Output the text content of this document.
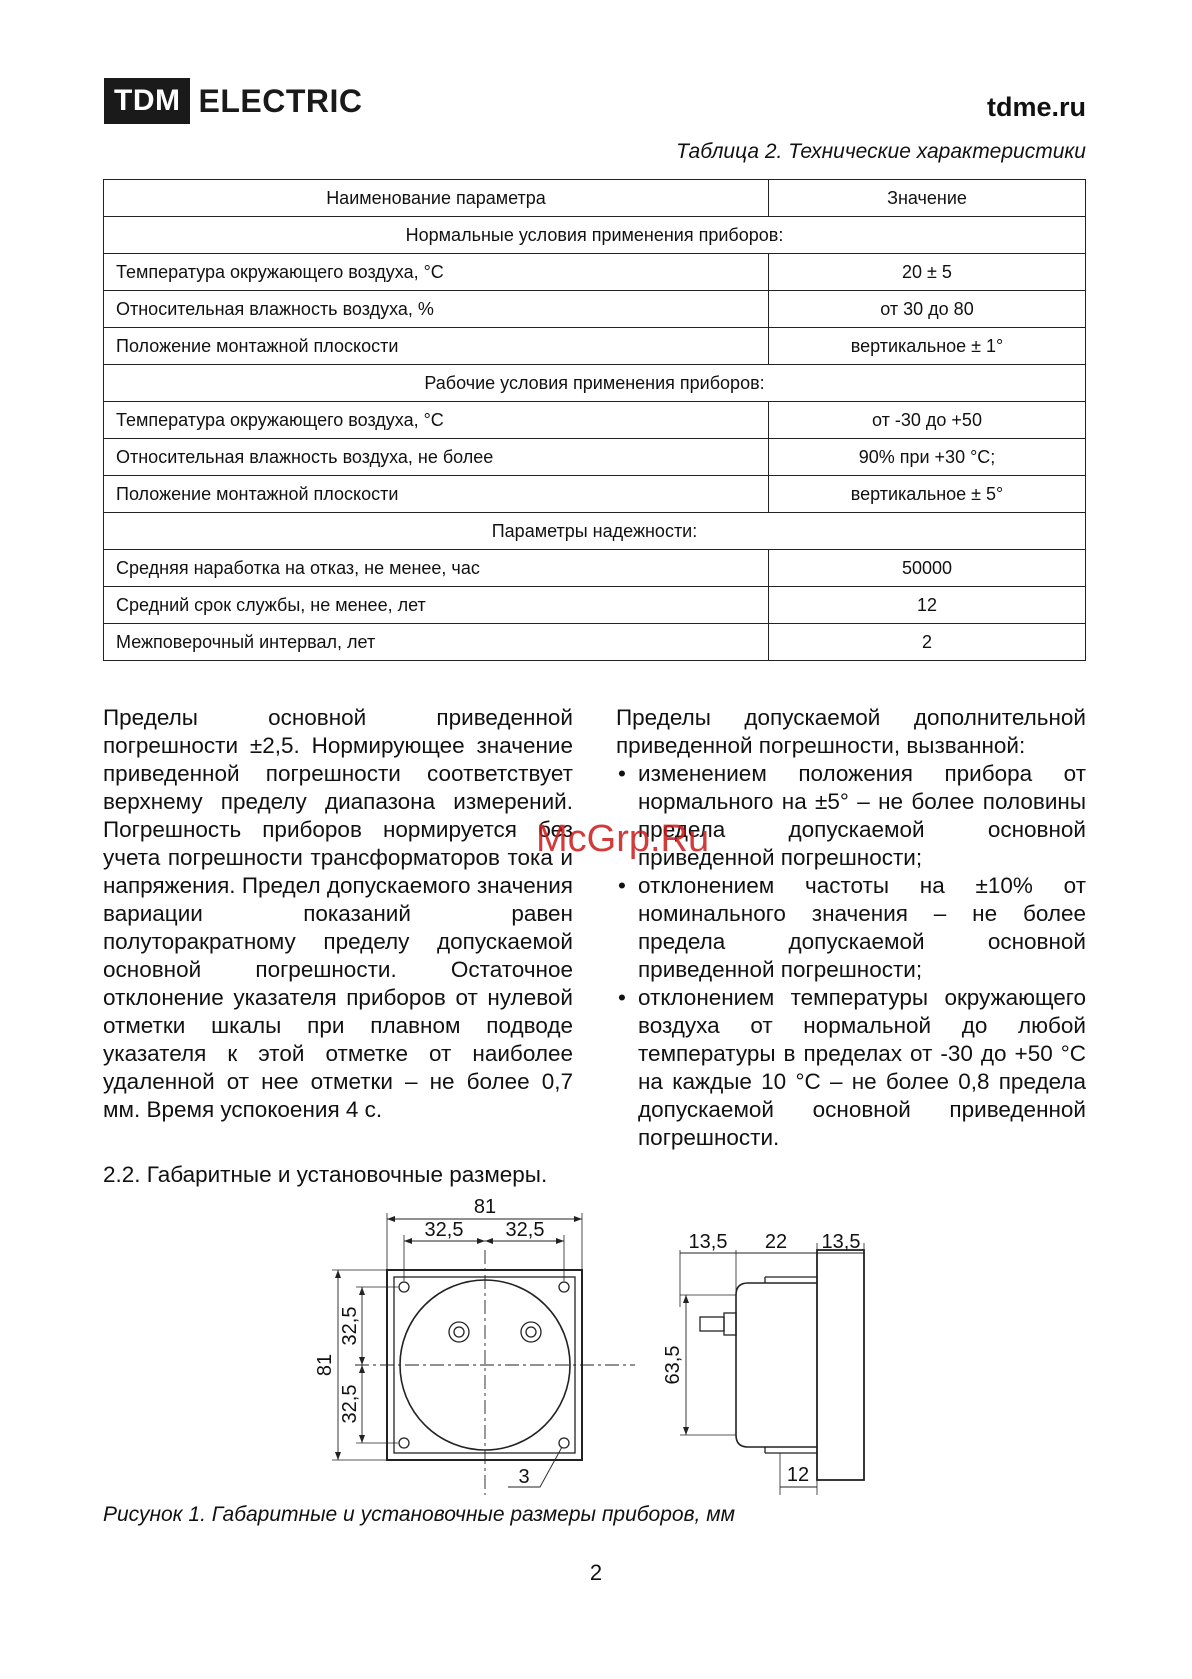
TDM ELECTRIC	tdme.ru
Таблица 2. Технические характеристики
Наименование параметра	Значение
Нормальные условия применения приборов:	
Температура окружающего воздуха, °С	20 ± 5
Относительная влажность воздуха, %	от 30 до 80
Положение монтажной плоскости	вертикальное ± 1°
Рабочие условия применения приборов:	
Температура окружающего воздуха, °С	от -30 до +50
Относительная влажность воздуха, не более	90% при +30 °С;
Положение монтажной плоскости	вертикальное ± 5°
Параметры надежности:	
Средняя наработка на отказ, не менее, час	50000
Средний срок службы, не менее, лет	12
Межповерочный интервал, лет	2

Пределы основной приведенной погрешности ±2,5. Нормирующее значение приведенной погрешности соответствует верхнему пределу диапазона измерений. Погрешность приборов нормируется без учета погрешности трансформаторов тока и напряжения. Предел допускаемого значения вариации показаний равен полуторакратному пределу допускаемой основной погрешности. Остаточное отклонение указателя приборов от нулевой отметки шкалы при плавном подводе указателя к этой отметке от наиболее удаленной от нее отметки – не более 0,7 мм. Время успокоения 4 с.

Пределы допускаемой дополнительной приведенной погрешности, вызванной:

• изменением положения прибора от нормального на ±5° – не более половины предела допускаемой основной приведенной погрешности;
• отклонением частоты на ±10% от номинального значения – не более предела допускаемой основной приведенной погрешности;
• отклонением температуры окружающего воздуха от нормальной до любой температуры в пределах от -30 до +50 °С на каждые 10 °С – не более 0,8 предела допускаемой основной приведенной погрешности.
McGrp.Ru
2.2. Габаритные и установочные размеры.
81
32,5 32,5
81
32,5
32,5
3
13,5 22 13,5
63,5
12
Рисунок 1. Габаритные и установочные размеры приборов, мм
2
